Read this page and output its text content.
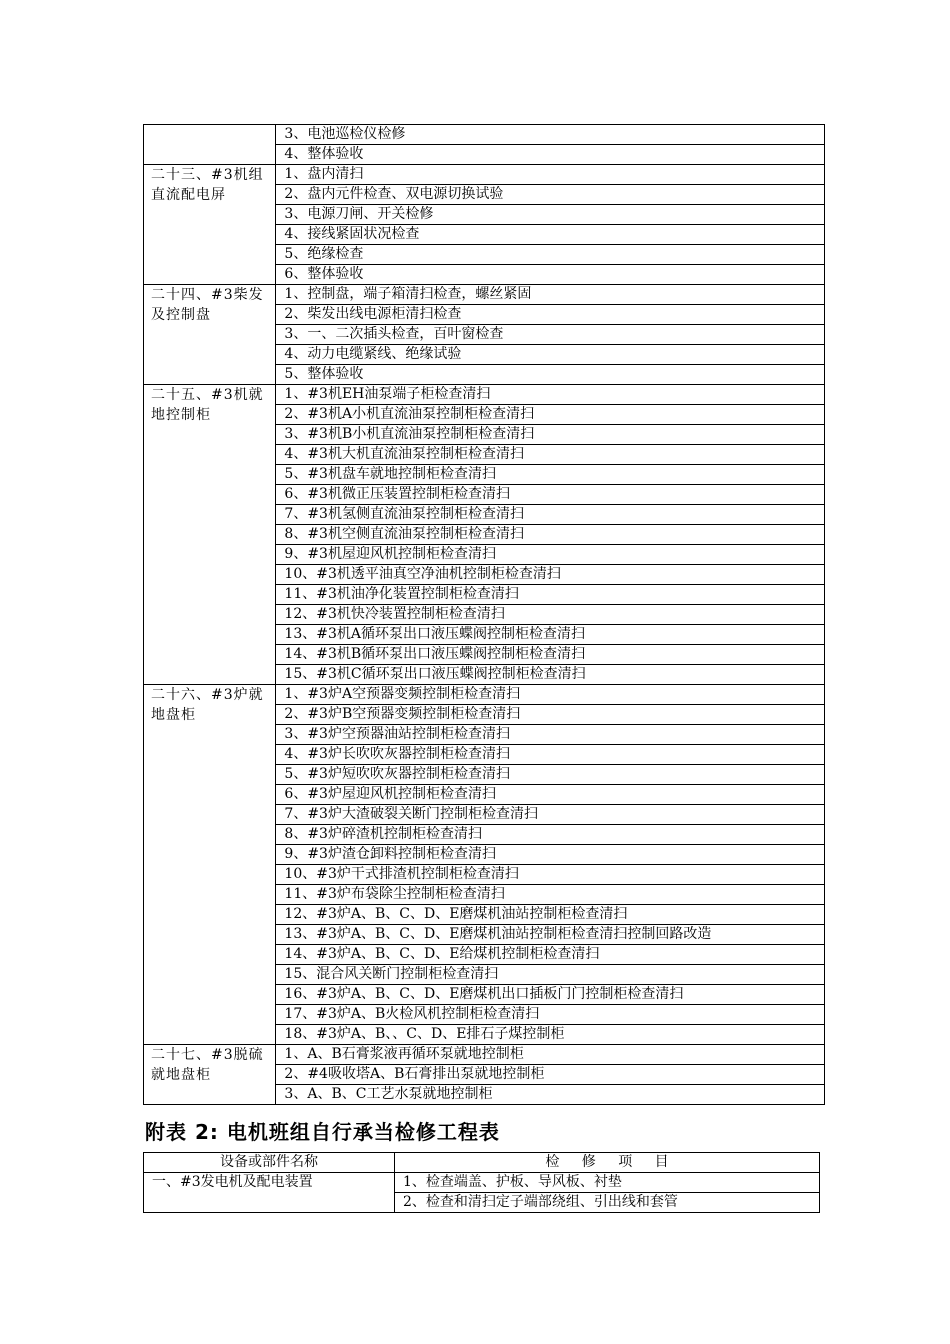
	3、电池巡检仪检修
	4、整体验收
二十三、#3机组直流配电屏	1、盘内清扫
	2、盘内元件检查、双电源切换试验
	3、电源刀闸、开关检修
	4、接线紧固状况检查
	5、绝缘检查
	6、整体验收
二十四、#3柴发及控制盘	1、控制盘，端子箱清扫检查，螺丝紧固
	2、柴发出线电源柜清扫检查
	3、一、二次插头检查，百叶窗检查
	4、动力电缆紧线、绝缘试验
	5、整体验收
二十五、#3机就地控制柜	1、#3机EH油泵端子柜检查清扫
	2、#3机A小机直流油泵控制柜检查清扫
	3、#3机B小机直流油泵控制柜检查清扫
	4、#3机大机直流油泵控制柜检查清扫
	5、#3机盘车就地控制柜检查清扫
	6、#3机微正压装置控制柜检查清扫
	7、#3机氢侧直流油泵控制柜检查清扫
	8、#3机空侧直流油泵控制柜检查清扫
	9、#3机屋迎风机控制柜检查清扫
	10、#3机透平油真空净油机控制柜检查清扫
	11、#3机油净化装置控制柜检查清扫
	12、#3机快冷装置控制柜检查清扫
	13、#3机A循环泵出口液压蝶阀控制柜检查清扫
	14、#3机B循环泵出口液压蝶阀控制柜检查清扫
	15、#3机C循环泵出口液压蝶阀控制柜检查清扫
二十六、#3炉就地盘柜	1、#3炉A空预器变频控制柜检查清扫
	2、#3炉B空预器变频控制柜检查清扫
	3、#3炉空预器油站控制柜检查清扫
	4、#3炉长吹吹灰器控制柜检查清扫
	5、#3炉短吹吹灰器控制柜检查清扫
	6、#3炉屋迎风机控制柜检查清扫
	7、#3炉大渣破裂关断门控制柜检查清扫
	8、#3炉碎渣机控制柜检查清扫
	9、#3炉渣仓卸料控制柜检查清扫
	10、#3炉干式排渣机控制柜检查清扫
	11、#3炉布袋除尘控制柜检查清扫
	12、#3炉A、B、C、D、E磨煤机油站控制柜检查清扫
	13、#3炉A、B、C、D、E磨煤机油站控制柜检查清扫控制回路改造
	14、#3炉A、B、C、D、E给煤机控制柜检查清扫
	15、混合风关断门控制柜检查清扫
	16、#3炉A、B、C、D、E磨煤机出口插板门门控制柜检查清扫
	17、#3炉A、B火检风机控制柜检查清扫
	18、#3炉A、B、、C、D、E排石子煤控制柜
二十七、#3脱硫就地盘柜	1、A、B石膏浆液再循环泵就地控制柜
	2、#4吸收塔A、B石膏排出泵就地控制柜
	3、A、B、C工艺水泵就地控制柜
附表 2: 电机班组自行承当检修工程表
设备或部件名称	检 修 项 目
一、#3发电机及配电装置	1、检查端盖、护板、导风板、衬垫
	2、检查和清扫定子端部绕组、引出线和套管
